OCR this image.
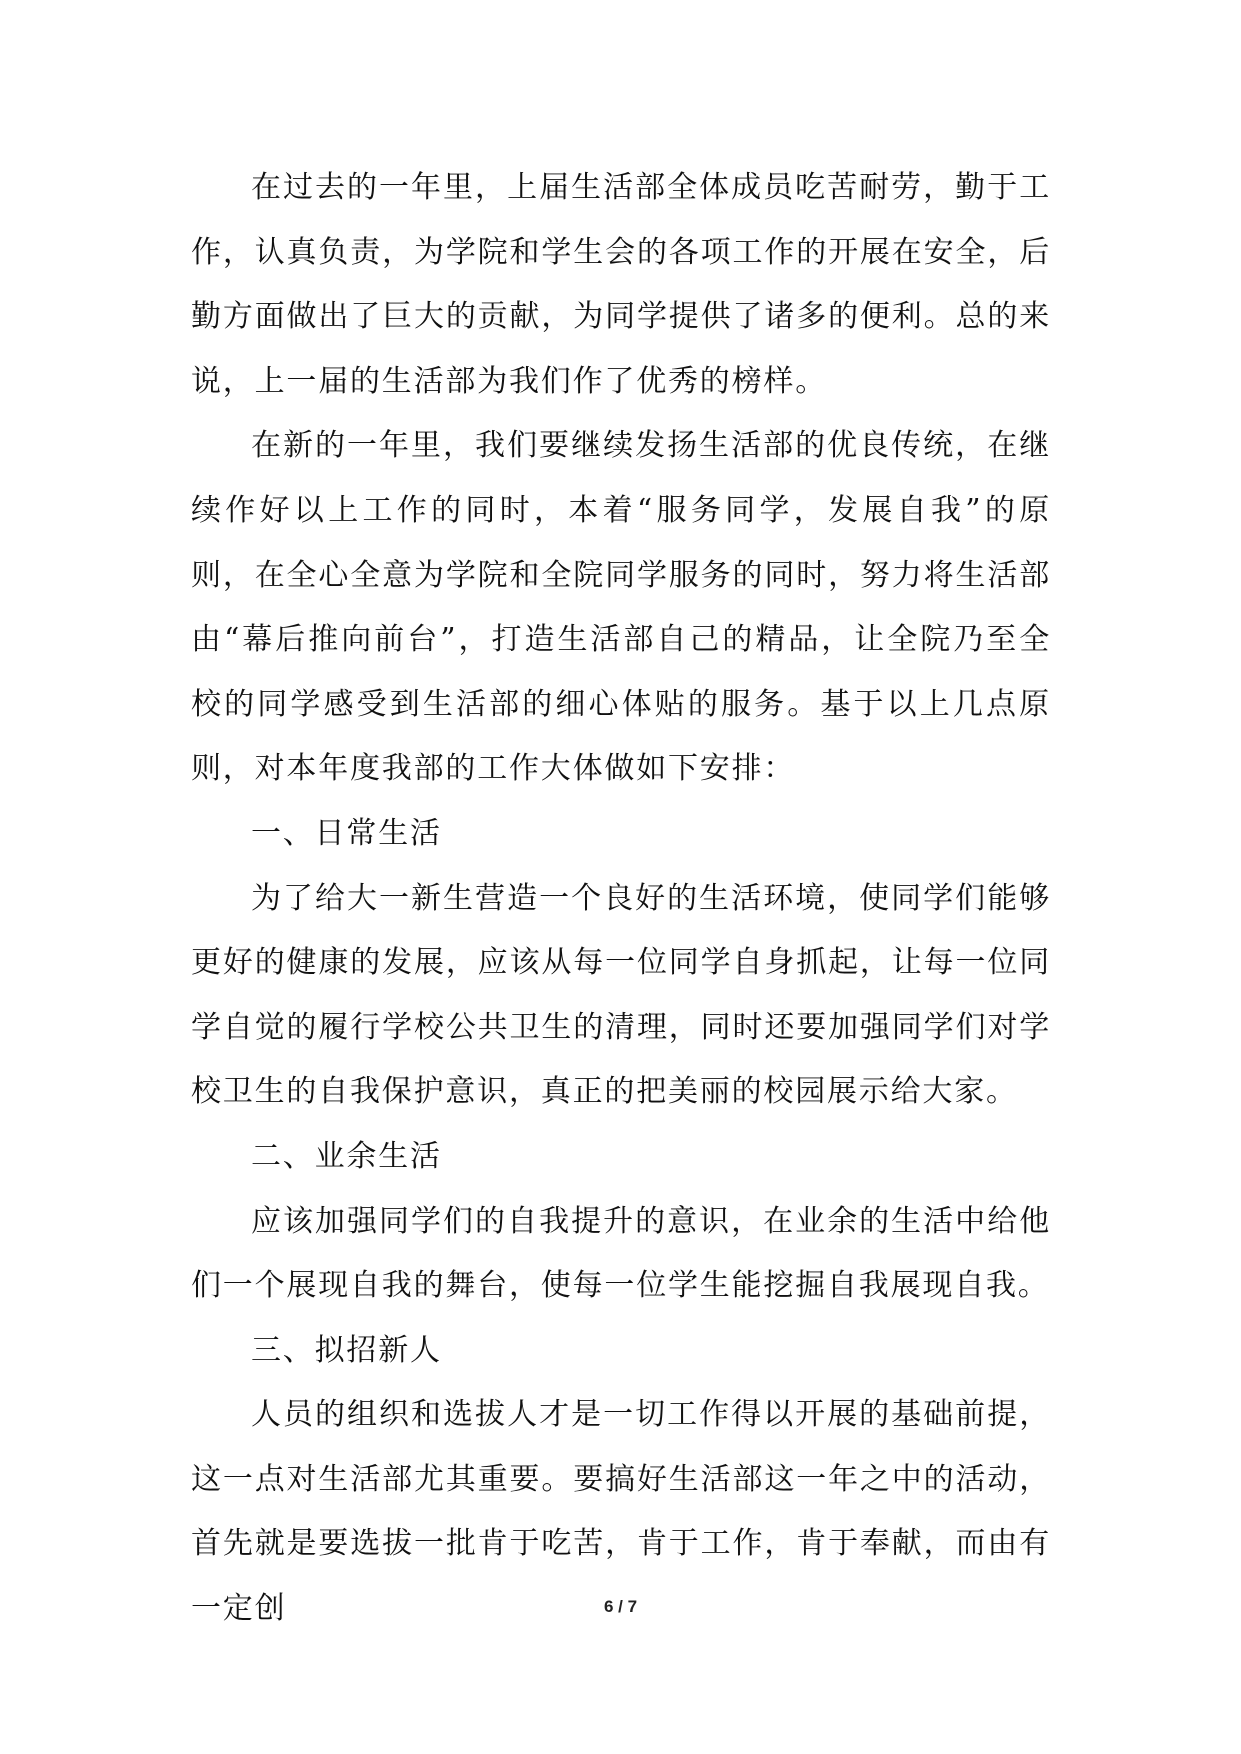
在过去的一年里，上届生活部全体成员吃苦耐劳，勤于工作，认真负责，为学院和学生会的各项工作的开展在安全，后勤方面做出了巨大的贡献，为同学提供了诸多的便利。总的来说，上一届的生活部为我们作了优秀的榜样。

在新的一年里，我们要继续发扬生活部的优良传统，在继续作好以上工作的同时，本着“服务同学，发展自我”的原则，在全心全意为学院和全院同学服务的同时，努力将生活部由“幕后推向前台”，打造生活部自己的精品，让全院乃至全校的同学感受到生活部的细心体贴的服务。基于以上几点原则，对本年度我部的工作大体做如下安排：

一、日常生活

为了给大一新生营造一个良好的生活环境，使同学们能够更好的健康的发展，应该从每一位同学自身抓起，让每一位同学自觉的履行学校公共卫生的清理，同时还要加强同学们对学校卫生的自我保护意识，真正的把美丽的校园展示给大家。

二、业余生活

应该加强同学们的自我提升的意识，在业余的生活中给他们一个展现自我的舞台，使每一位学生能挖掘自我展现自我。

三、拟招新人

人员的组织和选拔人才是一切工作得以开展的基础前提，这一点对生活部尤其重要。要搞好生活部这一年之中的活动，首先就是要选拔一批肯于吃苦，肯于工作，肯于奉献，而由有一定创	6 / 7
